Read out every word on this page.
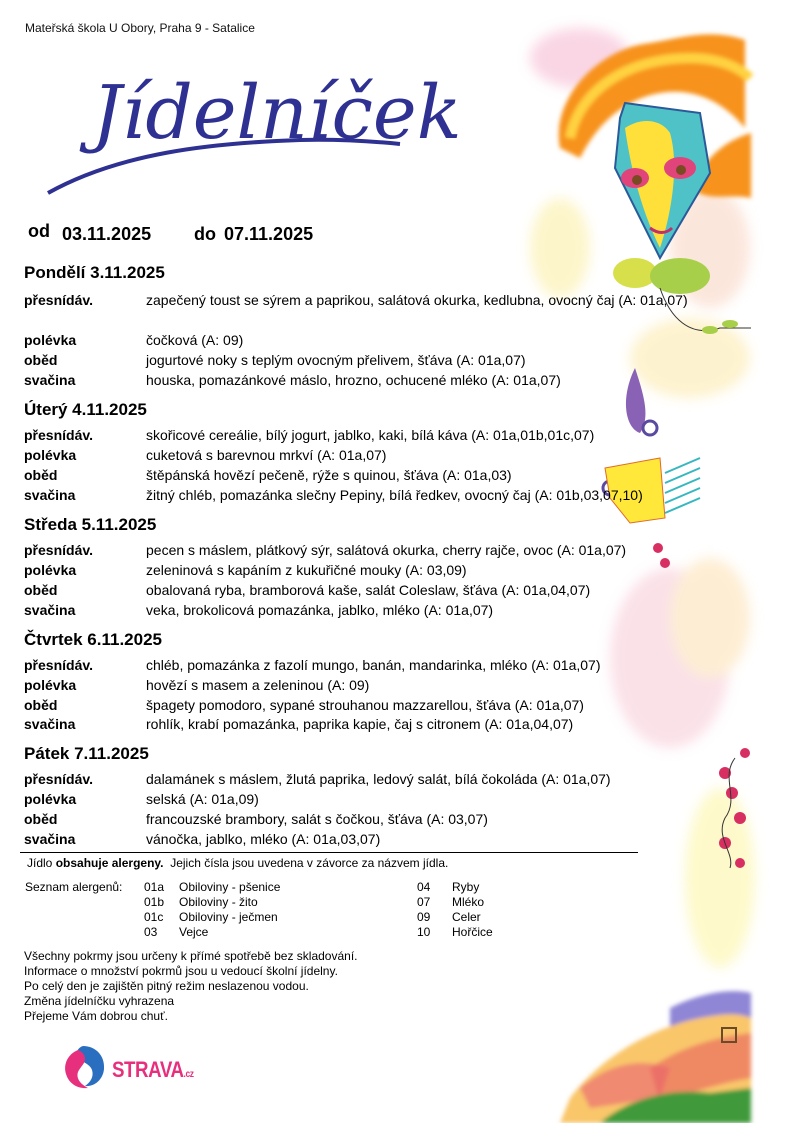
Mateřská škola U Obory, Praha 9 - Satalice
Jídelníček
od 03.11.2025 do 07.11.2025
Pondělí 3.11.2025
přesnídáv.	zapečený toust se sýrem a paprikou, salátová okurka, kedlubna, ovocný čaj (A: 01a,07)
polévka	čočková (A: 09)
oběd	jogurtové noky s teplým ovocným přelivem, šťáva (A: 01a,07)
svačina	houska, pomazánkové máslo, hrozno, ochucené mléko (A: 01a,07)
Úterý 4.11.2025
přesnídáv.	skořicové cereálie, bílý jogurt, jablko, kaki, bílá káva (A: 01a,01b,01c,07)
polévka	cuketová s barevnou mrkví (A: 01a,07)
oběd	štěpánská hovězí pečeně, rýže s quinou, šťáva (A: 01a,03)
svačina	žitný chléb, pomazánka slečny Pepiny, bílá ředkev, ovocný čaj (A: 01b,03,07,10)
Středa 5.11.2025
přesnídáv.	pecen s máslem, plátkový sýr, salátová okurka, cherry rajče, ovoc (A: 01a,07)
polévka	zeleninová s kapáním z kukuřičné mouky (A: 03,09)
oběd	obalovaná ryba, bramborová kaše, salát Coleslaw, šťáva (A: 01a,04,07)
svačina	veka, brokolicová pomazánka, jablko, mléko (A: 01a,07)
Čtvrtek 6.11.2025
přesnídáv.	chléb, pomazánka z fazolí mungo, banán, mandarinka, mléko (A: 01a,07)
polévka	hovězí s masem a zeleninou (A: 09)
oběd	špagety pomodoro, sypané strouhanou mazzarellou, šťáva (A: 01a,07)
svačina	rohlík, krabí pomazánka, paprika kapie, čaj s citronem (A: 01a,04,07)
Pátek 7.11.2025
přesnídáv.	dalamánek s máslem, žlutá paprika, ledový salát, bílá čokoláda (A: 01a,07)
polévka	selská (A: 01a,09)
oběd	francouzské brambory, salát s čočkou, šťáva (A: 03,07)
svačina	vánočka, jablko, mléko (A: 01a,03,07)
Jídlo obsahuje alergeny. Jejich čísla jsou uvedena v závorce za názvem jídla.
Seznam alergenů: 01a Obiloviny - pšenice
01b Obiloviny - žito
01c Obiloviny - ječmen
03 Vejce
04 Ryby
07 Mléko
09 Celer
10 Hořčice
Všechny pokrmy jsou určeny k přímé spotřebě bez skladování.
Informace o množství pokrmů jsou u vedoucí školní jídelny.
Po celý den je zajištěn pitný režim neslazenou vodou.
Změna jídelníčku vyhrazena
Přejeme Vám dobrou chuť.
STRAVA.cz
